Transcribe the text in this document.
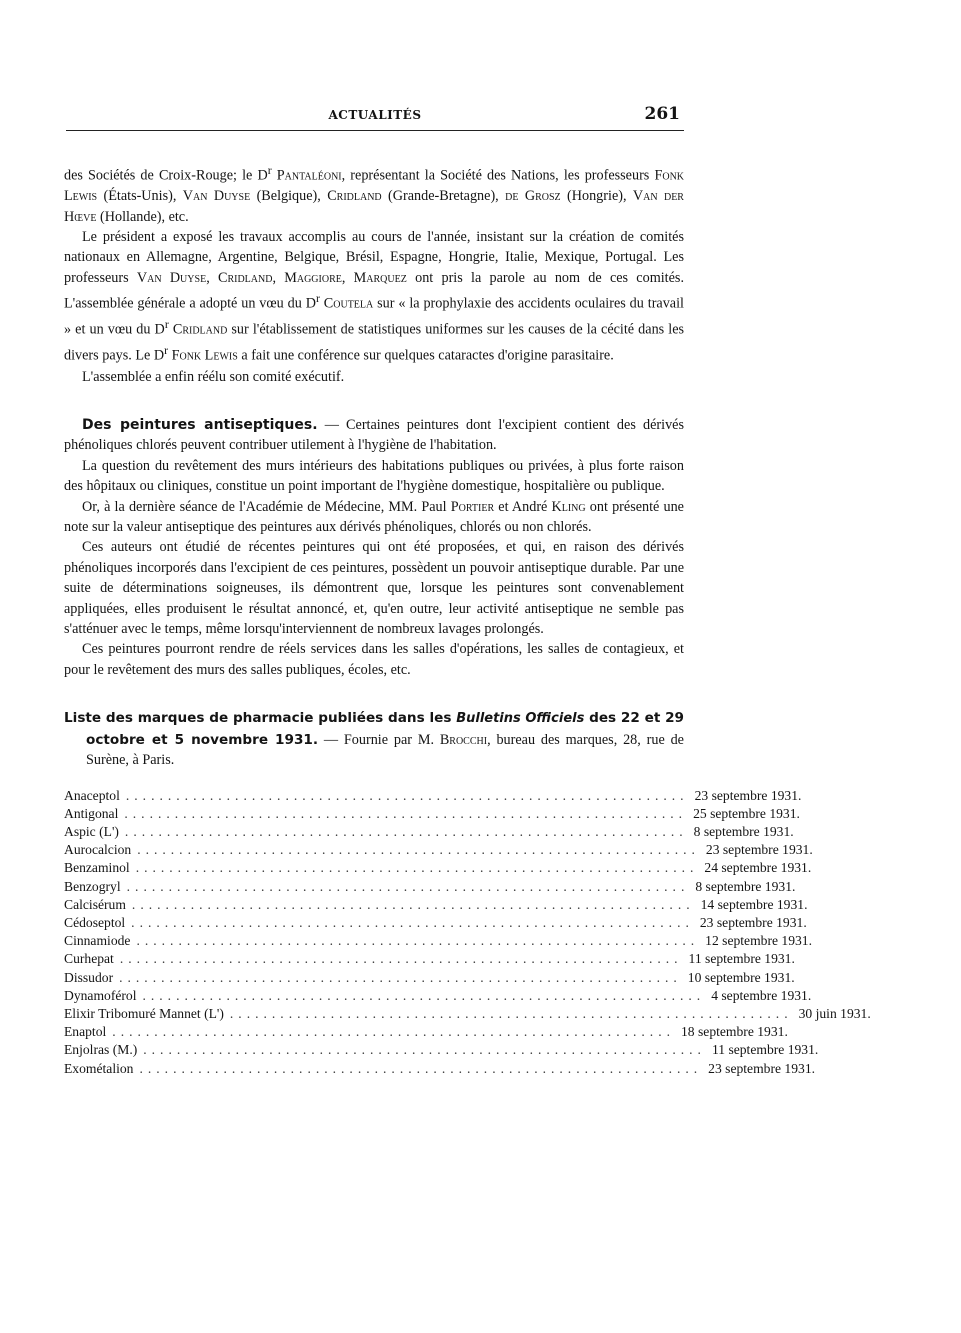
ACTUALITÉS	261

des Sociétés de Croix-Rouge; le $D^r$ Pantaléoni, représentant la Société des Nations, les professeurs Fonk Lewis (États-Unis), Van Duyse (Belgique), Cridland (Grande-Bretagne), de Grosz (Hongrie), Van der Hœve (Hollande), etc.

Le président a exposé les travaux accomplis au cours de l'année, insistant sur la création de comités nationaux en Allemagne, Argentine, Belgique, Brésil, Espagne, Hongrie, Italie, Mexique, Portugal. Les professeurs Van Duyse, Cridland, Maggiore, Marquez ont pris la parole au nom de ces comités. L'assemblée générale a adopté un vœu du $D^r$ Coutela sur « la prophylaxie des accidents oculaires du travail » et un vœu du $D^r$ Cridland sur l'établissement de statistiques uniformes sur les causes de la cécité dans les divers pays. Le $D^r$ Fonk Lewis a fait une conférence sur quelques cataractes d'origine parasitaire.

L'assemblée a enfin réélu son comité exécutif.

Des peintures antiseptiques. — Certaines peintures dont l'excipient contient des dérivés phénoliques chlorés peuvent contribuer utilement à l'hygiène de l'habitation.

La question du revêtement des murs intérieurs des habitations publiques ou privées, à plus forte raison des hôpitaux ou cliniques, constitue un point important de l'hygiène domestique, hospitalière ou publique.

Or, à la dernière séance de l'Académie de Médecine, MM. Paul Portier et André Kling ont présenté une note sur la valeur antiseptique des peintures aux dérivés phénoliques, chlorés ou non chlorés.

Ces auteurs ont étudié de récentes peintures qui ont été proposées, et qui, en raison des dérivés phénoliques incorporés dans l'excipient de ces peintures, possèdent un pouvoir antiseptique durable. Par une suite de déterminations soigneuses, ils démontrent que, lorsque les peintures sont convenablement appliquées, elles produisent le résultat annoncé, et, qu'en outre, leur activité antiseptique ne semble pas s'atténuer avec le temps, même lorsqu'interviennent de nombreux lavages prolongés.

Ces peintures pourront rendre de réels services dans les salles d'opérations, les salles de contagieux, et pour le revêtement des murs des salles publiques, écoles, etc.

Liste des marques de pharmacie publiées dans les Bulletins Officiels des 22 et 29 octobre et 5 novembre 1931. — Fournie par M. Brocchi, bureau des marques, 28, rue de Surène, à Paris.
Anaceptol ................................................................... 23 septembre 1931.
Antigonal ................................................................... 25 septembre 1931.
Aspic (L') ................................................................... 8 septembre 1931.
Aurocalcion ................................................................... 23 septembre 1931.
Benzaminol ................................................................... 24 septembre 1931.
Benzogryl ................................................................... 8 septembre 1931.
Calcisérum ................................................................... 14 septembre 1931.
Cédoseptol ................................................................... 23 septembre 1931.
Cinnamiode ................................................................... 12 septembre 1931.
Curhepat ................................................................... 11 septembre 1931.
Dissudor ................................................................... 10 septembre 1931.
Dynamoférol ................................................................... 4 septembre 1931.
Elixir Tribomuré Mannet (L') ................................................................... 30 juin 1931.
Enaptol ................................................................... 18 septembre 1931.
Enjolras (M.) ................................................................... 11 septembre 1931.
Exométalion ................................................................... 23 septembre 1931.
